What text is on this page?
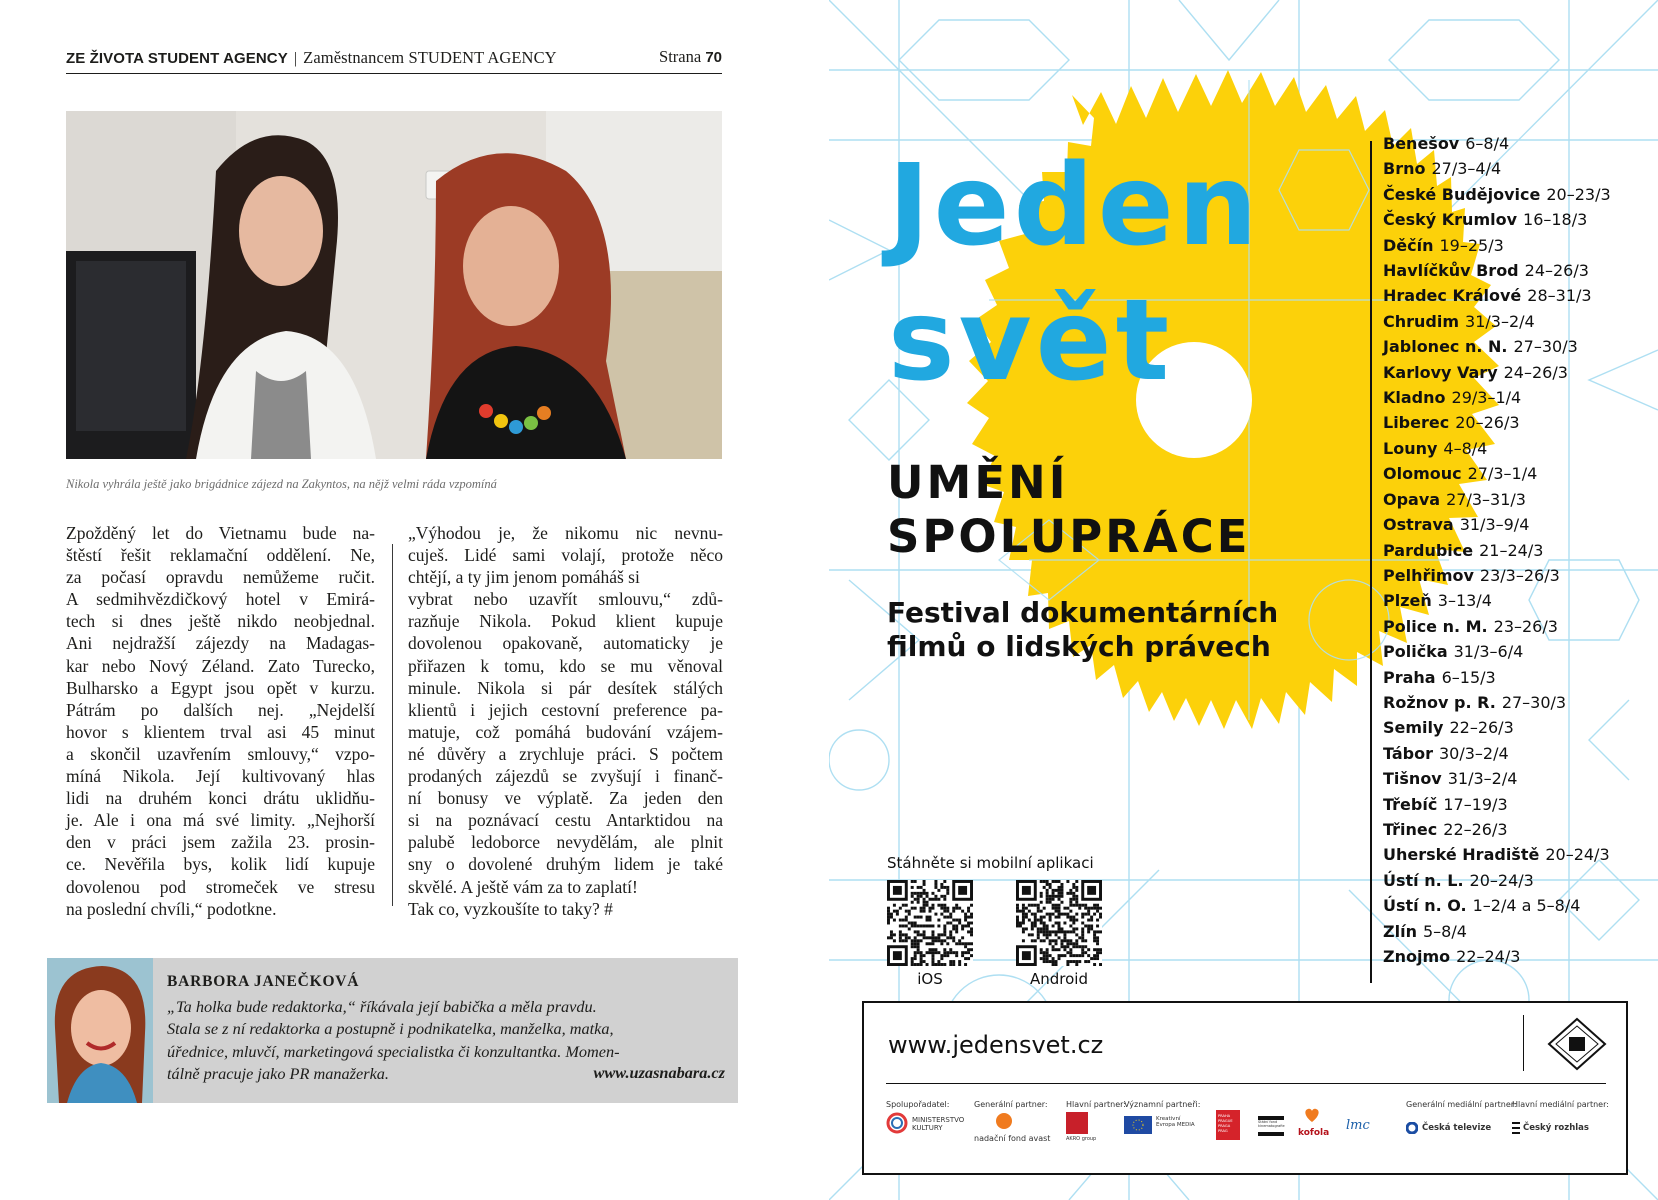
ZE ŽIVOTA STUDENT AGENCY | Zaměstnancem STUDENT AGENCY	Strana 70
Nikola vyhrála ještě jako brigádnice zájezd na Zakyntos, na nějž velmi ráda vzpomíná
Zpožděný let do Vietnamu bude na-
štěstí řešit reklamační oddělení. Ne,
za počasí opravdu nemůžeme ručit.
A sedmihvězdičkový hotel v Emirá-
tech si dnes ještě nikdo neobjednal.
Ani nejdražší zájezdy na Madagas-
kar nebo Nový Zéland. Zato Turecko,
Bulharsko a Egypt jsou opět v kurzu.
Pátrám po dalších nej. „Nejdelší
hovor s klientem trval asi 45 minut
a skončil uzavřením smlouvy,“ vzpo-
míná Nikola. Její kultivovaný hlas
lidi na druhém konci drátu uklidňu-
je. Ale i ona má své limity. „Nejhorší
den v práci jsem zažila 23. prosin-
ce. Nevěřila bys, kolik lidí kupuje
dovolenou pod stromeček ve stresu
na poslední chvíli,“ podotkne.
„Výhodou je, že nikomu nic nevnu-
cuješ. Lidé sami volají, protože něco
chtějí, a ty jim jenom pomáháš si
vybrat nebo uzavřít smlouvu,“ zdů-
razňuje Nikola. Pokud klient kupuje
dovolenou opakovaně, automaticky je
přiřazen k tomu, kdo se mu věnoval
minule. Nikola si pár desítek stálých
klientů i jejich cestovní preference pa-
matuje, což pomáhá budování vzájem-
né důvěry a zrychluje práci. S počtem
prodaných zájezdů se zvyšují i finanč-
ní bonusy ve výplatě. Za jeden den
si na poznávací cestu Antarktidou na
palubě ledoborce nevydělám, ale plnit
sny o dovolené druhým lidem je také
skvělé. A ještě vám za to zaplatí!
Tak co, vyzkoušíte to taky? #
BARBORA JANEČKOVÁ
„Ta holka bude redaktorka,“ říkávala její babička a měla pravdu.
Stala se z ní redaktorka a postupně i podnikatelka, manželka, matka,
úřednice, mluvčí, marketingová specialistka či konzultantka. Momen-
tálně pracuje jako PR manažerka.	www.uzasnabara.cz
Jeden
svět
UMĚNÍ
SPOLUPRÁCE
Festival dokumentárních
filmů o lidských právech
Benešov 6–8/4
Brno 27/3–4/4
České Budějovice 20–23/3
Český Krumlov 16–18/3
Děčín 19–25/3
Havlíčkův Brod 24–26/3
Hradec Králové 28–31/3
Chrudim 31/3–2/4
Jablonec n. N. 27–30/3
Karlovy Vary 24–26/3
Kladno 29/3–1/4
Liberec 20–26/3
Louny 4–8/4
Olomouc 27/3–1/4
Opava 27/3–31/3
Ostrava 31/3–9/4
Pardubice 21–24/3
Pelhřimov 23/3–26/3
Plzeň 3–13/4
Police n. M. 23–26/3
Polička 31/3–6/4
Praha 6–15/3
Rožnov p. R. 27–30/3
Semily 22–26/3
Tábor 30/3–2/4
Tišnov 31/3–2/4
Třebíč 17–19/3
Třinec 22–26/3
Uherské Hradiště 20–24/3
Ústí n. L. 20–24/3
Ústí n. O. 1–2/4 a 5–8/4
Zlín 5–8/4
Znojmo 22–24/3
Stáhněte si mobilní aplikaci
iOS	Android
www.jedensvet.cz
Spolupořadatel:
MINISTERSTVO KULTURY
Generální partner:
nadační fond avast
Hlavní partner:
AKRO group
Významní partneři:
Kreativní Evropa MEDIA
PRAHA PRAGUE PRAGA PRAG
Státní fond kinematografie
kofola lmc
Generální mediální partner:
Česká televize
Hlavní mediální partner:
Český rozhlas
